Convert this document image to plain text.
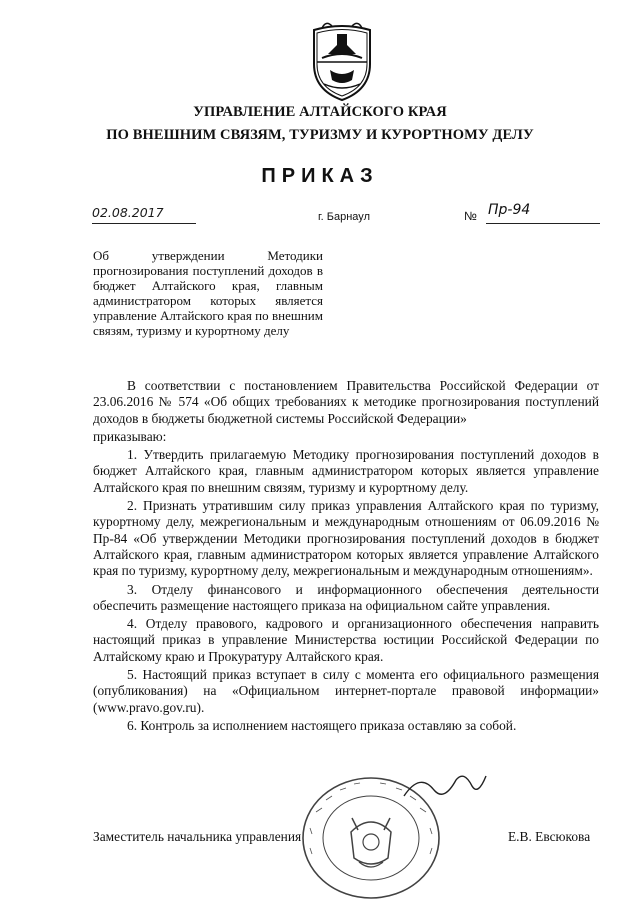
УПРАВЛЕНИЕ АЛТАЙСКОГО КРАЯ
ПО ВНЕШНИМ СВЯЗЯМ, ТУРИЗМУ И КУРОРТНОМУ ДЕЛУ
ПРИКАЗ
02.08.2017	г. Барнаул	№ Пр-94
Об утверждении Методики прогнозирования поступлений доходов в бюджет Алтайского края, главным администратором которых является управление Алтайского края по внешним связям, туризму и курортному делу

В соответствии с постановлением Правительства Российской Федерации от 23.06.2016 № 574 «Об общих требованиях к методике прогнозирования поступлений доходов в бюджеты бюджетной системы Российской Федерации»

приказываю:

1. Утвердить прилагаемую Методику прогнозирования поступлений доходов в бюджет Алтайского края, главным администратором которых является управление Алтайского края по внешним связям, туризму и курортному делу.

2. Признать утратившим силу приказ управления Алтайского края по туризму, курортному делу, межрегиональным и международным отношениям от 06.09.2016 № Пр-84 «Об утверждении Методики прогнозирования поступлений доходов в бюджет Алтайского края, главным администратором которых является управление Алтайского края по туризму, курортному делу, межрегиональным и международным отношениям».

3. Отделу финансового и информационного обеспечения деятельности обеспечить размещение настоящего приказа на официальном сайте управления.

4. Отделу правового, кадрового и организационного обеспечения направить настоящий приказ в управление Министерства юстиции Российской Федерации по Алтайскому краю и Прокуратуру Алтайского края.

5. Настоящий приказ вступает в силу с момента его официального размещения (опубликования) на «Официальном интернет-портале правовой информации» (www.pravo.gov.ru).

6. Контроль за исполнением настоящего приказа оставляю за собой.

Заместитель начальника управления	Е.В. Евсюкова
